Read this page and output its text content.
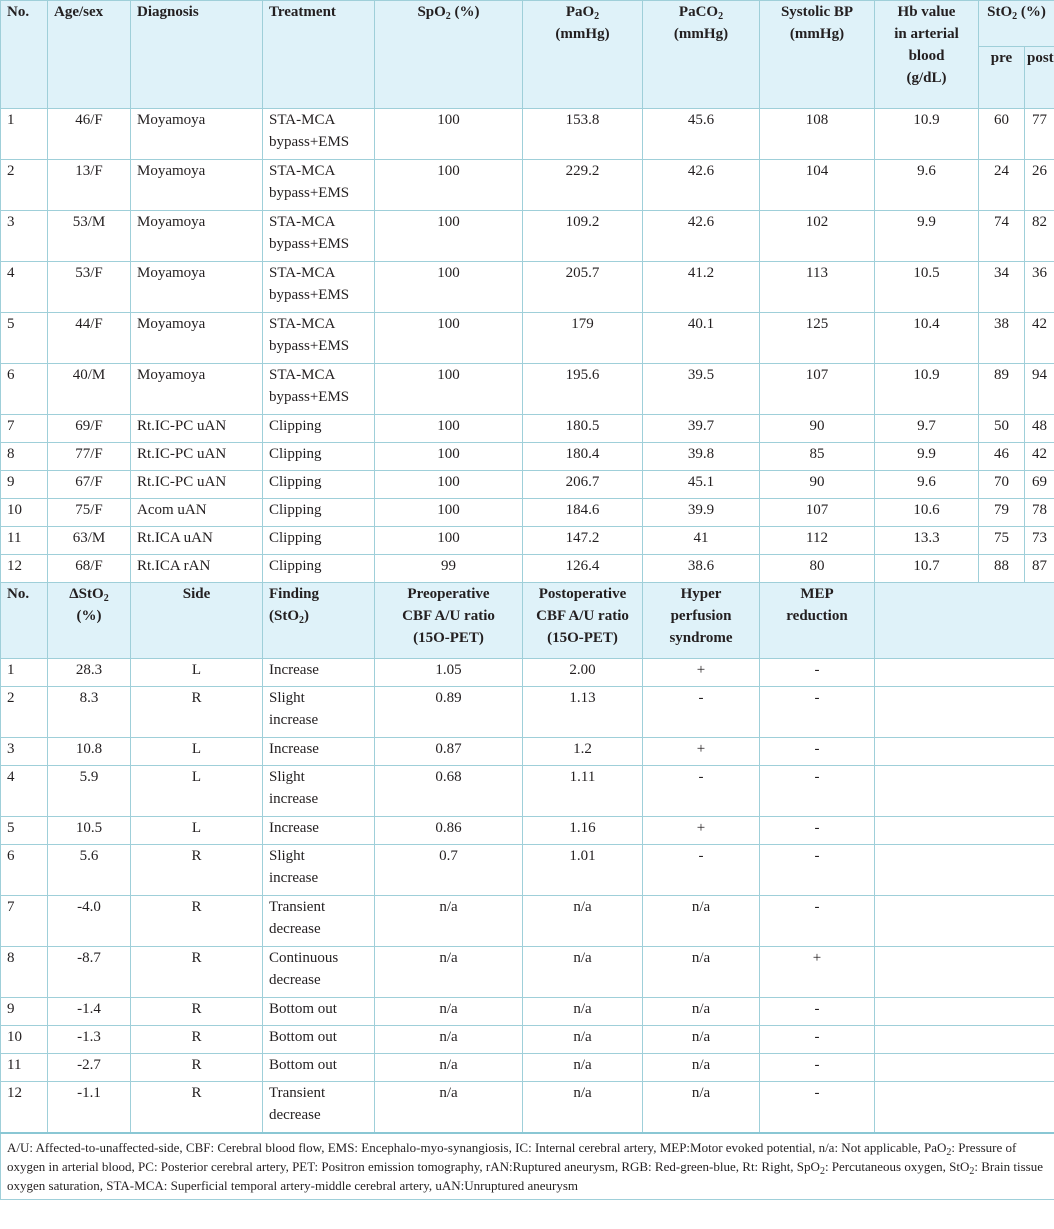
No.	Age/sex	Diagnosis	Treatment	SpO$_2$ (%)	PaO$_2$
(mmHg)	PaCO$_2$
(mmHg)	Systolic BP
(mmHg)	Hb value
in arterial
blood
(g/dL)	StO$_2$ (%)	
									pre	post
1	46/F	Moyamoya	STA-MCA
bypass+EMS	100	153.8	45.6	108	10.9	60	77
2	13/F	Moyamoya	STA-MCA
bypass+EMS	100	229.2	42.6	104	9.6	24	26
3	53/M	Moyamoya	STA-MCA
bypass+EMS	100	109.2	42.6	102	9.9	74	82
4	53/F	Moyamoya	STA-MCA
bypass+EMS	100	205.7	41.2	113	10.5	34	36
5	44/F	Moyamoya	STA-MCA
bypass+EMS	100	179	40.1	125	10.4	38	42
6	40/M	Moyamoya	STA-MCA
bypass+EMS	100	195.6	39.5	107	10.9	89	94
7	69/F	Rt.IC-PC uAN	Clipping	100	180.5	39.7	90	9.7	50	48
8	77/F	Rt.IC-PC uAN	Clipping	100	180.4	39.8	85	9.9	46	42
9	67/F	Rt.IC-PC uAN	Clipping	100	206.7	45.1	90	9.6	70	69
10	75/F	Acom uAN	Clipping	100	184.6	39.9	107	10.6	79	78
11	63/M	Rt.ICA uAN	Clipping	100	147.2	41	112	13.3	75	73
12	68/F	Rt.ICA rAN	Clipping	99	126.4	38.6	80	10.7	88	87
No.	ΔStO$_2$
(%)	Side	Finding
(StO$_2$)	Preoperative
CBF A/U ratio
(15O-PET)	Postoperative
CBF A/U ratio
(15O-PET)	Hyper
perfusion
syndrome	MEP
reduction			
1	28.3	L	Increase	1.05	2.00	+	-			
2	8.3	R	Slight
increase	0.89	1.13	-	-			
3	10.8	L	Increase	0.87	1.2	+	-			
4	5.9	L	Slight
increase	0.68	1.11	-	-			
5	10.5	L	Increase	0.86	1.16	+	-			
6	5.6	R	Slight
increase	0.7	1.01	-	-			
7	-4.0	R	Transient
decrease	n/a	n/a	n/a	-			
8	-8.7	R	Continuous
decrease	n/a	n/a	n/a	+			
9	-1.4	R	Bottom out	n/a	n/a	n/a	-			
10	-1.3	R	Bottom out	n/a	n/a	n/a	-			
11	-2.7	R	Bottom out	n/a	n/a	n/a	-			
12	-1.1	R	Transient
decrease	n/a	n/a	n/a	-			
A/U: Affected-to-unaffected-side, CBF: Cerebral blood flow, EMS: Encephalo-myo-synangiosis, IC: Internal cerebral artery, MEP:Motor evoked potential, n/a: Not applicable, PaO$_2$: Pressure of oxygen in arterial blood, PC: Posterior cerebral artery, PET: Positron emission tomography, rAN:Ruptured aneurysm, RGB: Red-green-blue, Rt: Right, SpO$_2$: Percutaneous oxygen, StO$_2$: Brain tissue oxygen saturation, STA-MCA: Superficial temporal artery-middle cerebral artery, uAN:Unruptured aneurysm										
